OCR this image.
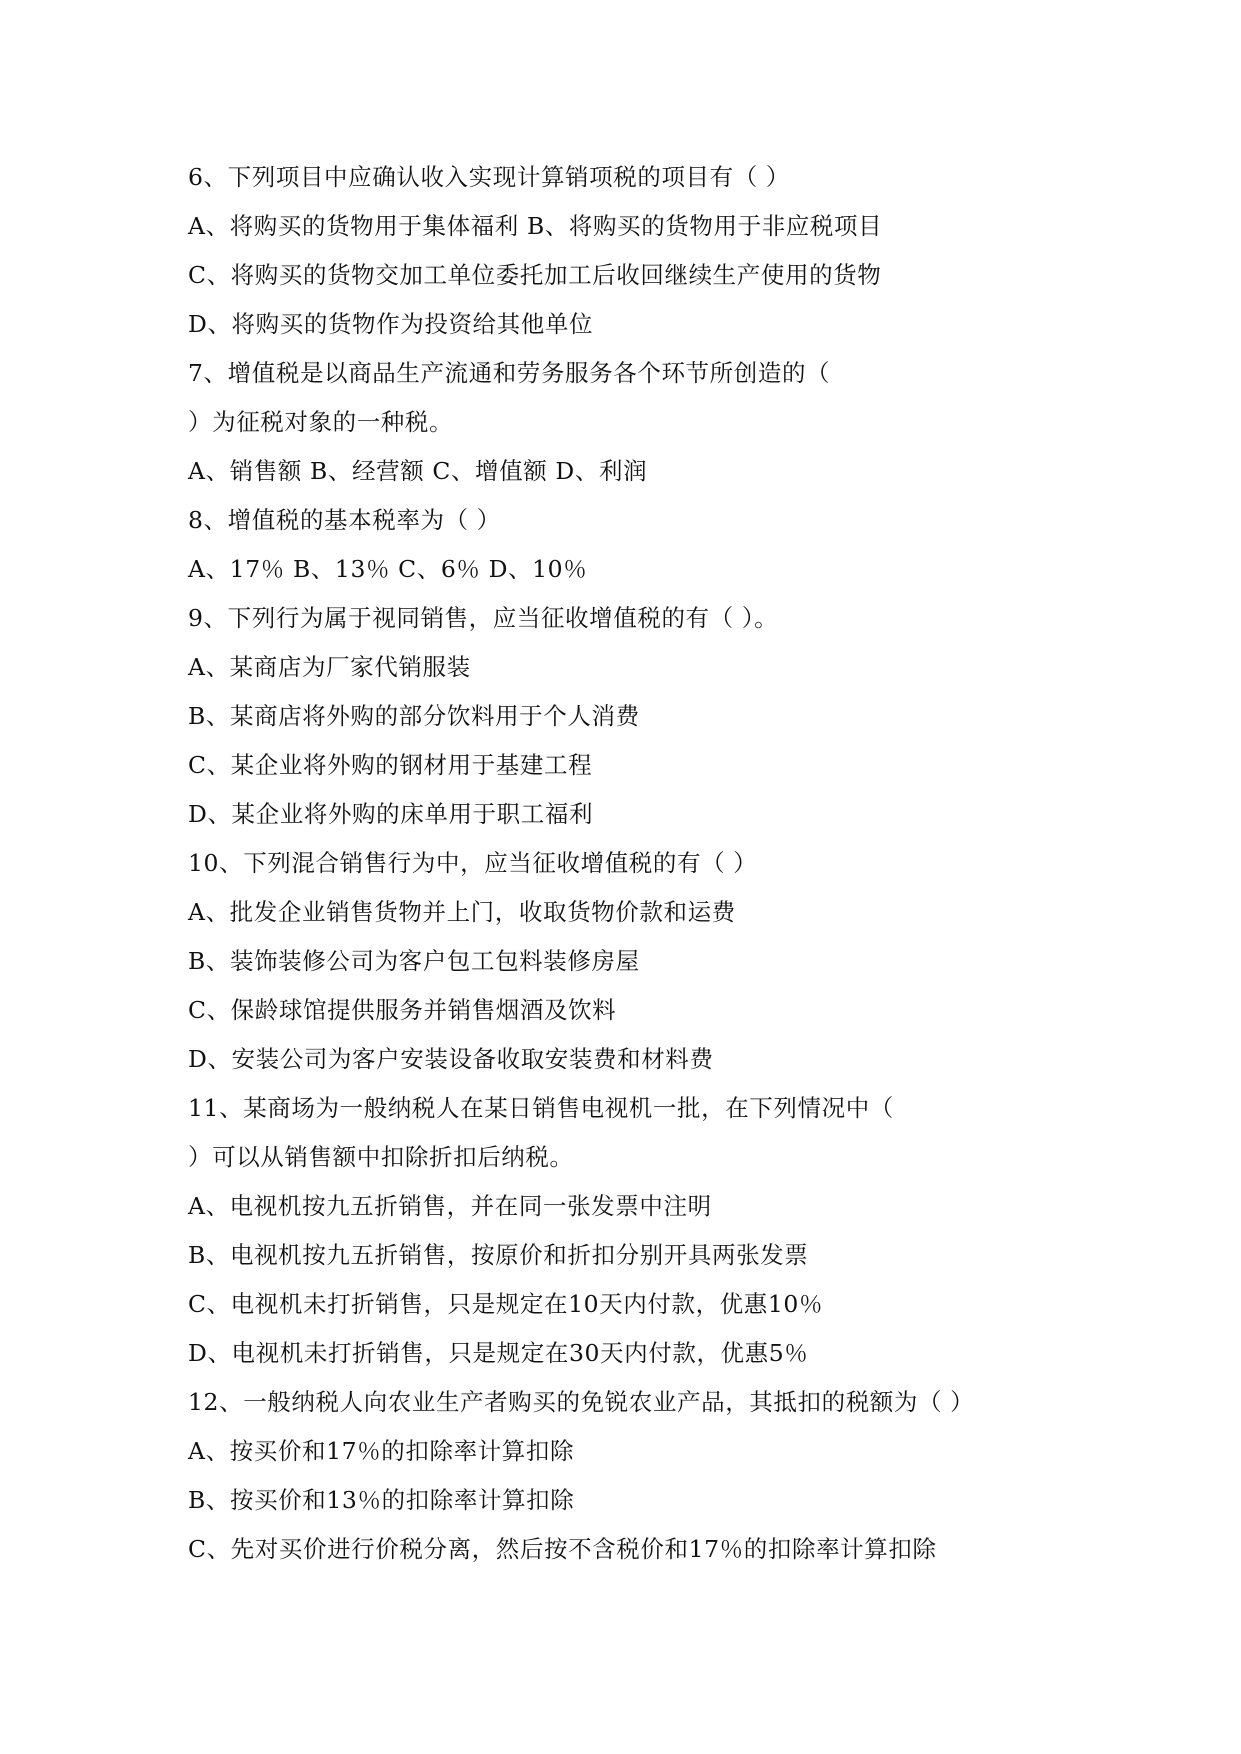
6、下列项目中应确认收入实现计算销项税的项目有（ ）
A、将购买的货物用于集体福利 B、将购买的货物用于非应税项目
C、将购买的货物交加工单位委托加工后收回继续生产使用的货物
D、将购买的货物作为投资给其他单位
7、增值税是以商品生产流通和劳务服务各个环节所创造的（
）为征税对象的一种税。
A、销售额 B、经营额 C、增值额 D、利润
8、增值税的基本税率为（ ）
A、17％ B、13％ C、6％ D、10％
9、下列行为属于视同销售，应当征收增值税的有（ ）。
A、某商店为厂家代销服装
B、某商店将外购的部分饮料用于个人消费
C、某企业将外购的钢材用于基建工程
D、某企业将外购的床单用于职工福利
10、下列混合销售行为中，应当征收增值税的有（ ）
A、批发企业销售货物并上门，收取货物价款和运费
B、装饰装修公司为客户包工包料装修房屋
C、保龄球馆提供服务并销售烟酒及饮料
D、安装公司为客户安装设备收取安装费和材料费
11、某商场为一般纳税人在某日销售电视机一批，在下列情况中（
）可以从销售额中扣除折扣后纳税。
A、电视机按九五折销售，并在同一张发票中注明
B、电视机按九五折销售，按原价和折扣分别开具两张发票
C、电视机未打折销售，只是规定在10天内付款，优惠10％
D、电视机未打折销售，只是规定在30天内付款，优惠5％
12、一般纳税人向农业生产者购买的免锐农业产品，其抵扣的税额为（ ）
A、按买价和17％的扣除率计算扣除
B、按买价和13％的扣除率计算扣除
C、先对买价进行价税分离，然后按不含税价和17％的扣除率计算扣除
